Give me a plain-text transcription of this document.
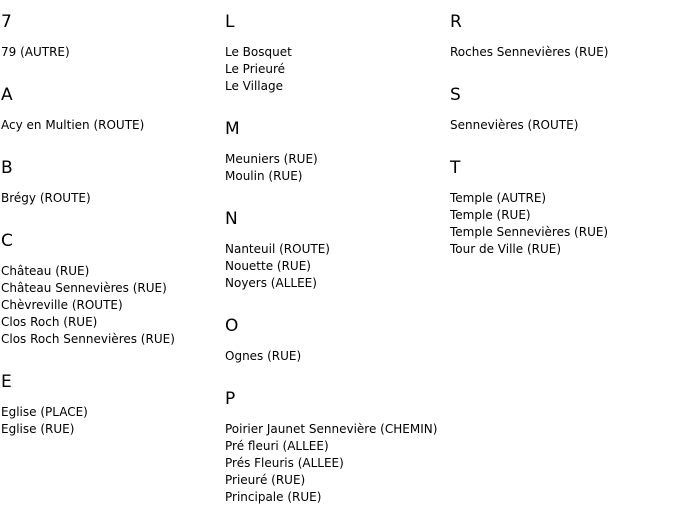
7
79 (AUTRE)
A
Acy en Multien (ROUTE)
B
Brégy (ROUTE)
C
Château (RUE)
Château Sennevières (RUE)
Chèvreville (ROUTE)
Clos Roch (RUE)
Clos Roch Sennevières (RUE)
E
Eglise (PLACE)
Eglise (RUE)
L
Le Bosquet
Le Prieuré
Le Village
M
Meuniers (RUE)
Moulin (RUE)
N
Nanteuil (ROUTE)
Nouette (RUE)
Noyers (ALLEE)
O
Ognes (RUE)
P
Poirier Jaunet Sennevière (CHEMIN)
Pré fleuri (ALLEE)
Prés Fleuris (ALLEE)
Prieuré (RUE)
Principale (RUE)
R
Roches Sennevières (RUE)
S
Sennevières (ROUTE)
T
Temple (AUTRE)
Temple (RUE)
Temple Sennevières (RUE)
Tour de Ville (RUE)
